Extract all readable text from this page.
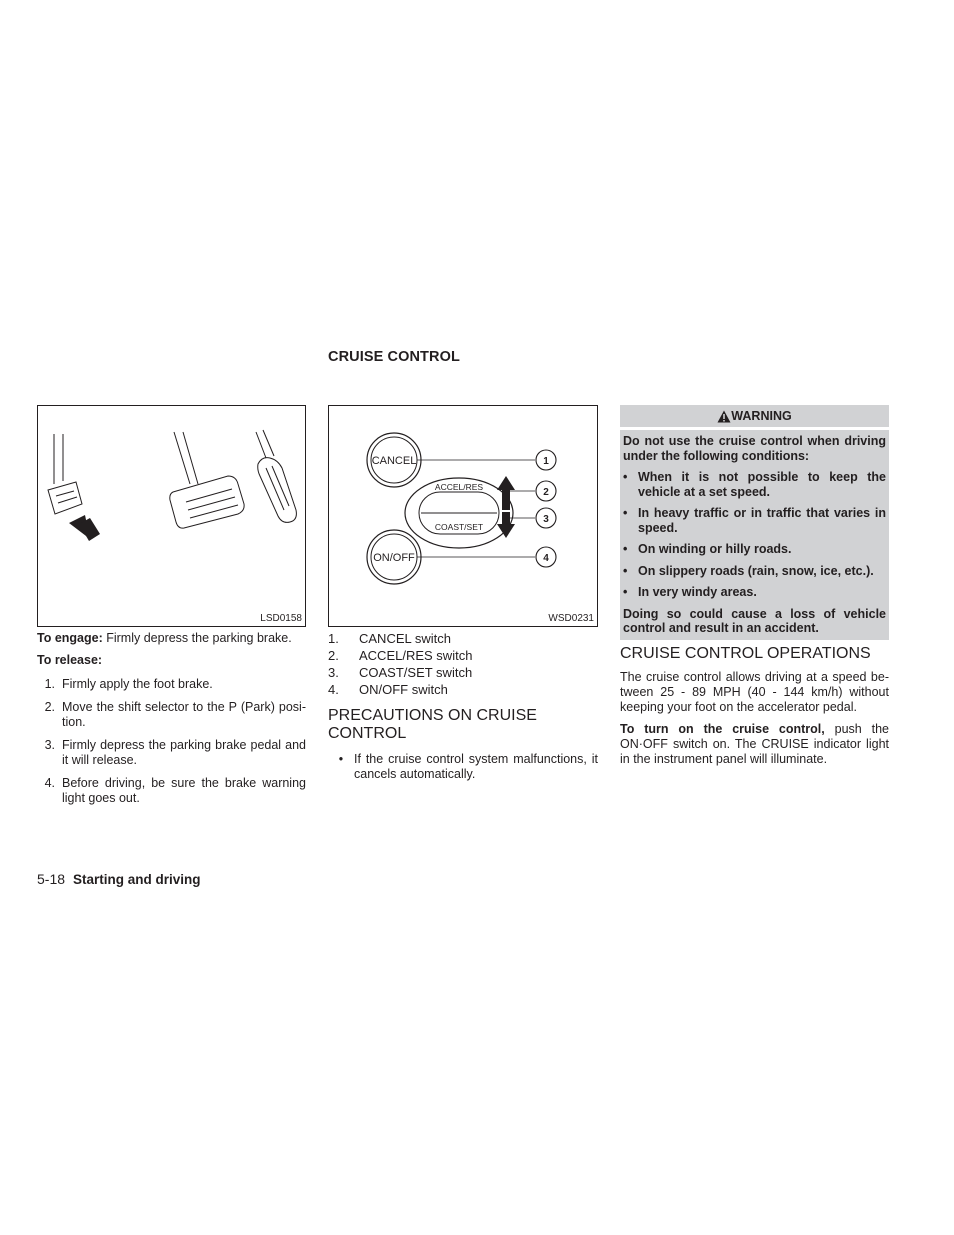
CRUISE CONTROL
LSD0158
CANCEL
ACCEL/RES
COAST/SET
ON/OFF
1
2
3
4
WSD0231
WARNING

Do not use the cruise control when driving under the following conditions:

• When it is not possible to keep the vehicle at a set speed.
• In heavy traffic or in traffic that varies in speed.
• On winding or hilly roads.
• On slippery roads (rain, snow, ice, etc.).
• In very windy areas.

Doing so could cause a loss of vehicle control and result in an accident.

To engage: Firmly depress the parking brake.

To release:

1. Firmly apply the foot brake.
2. Move the shift selector to the P (Park) posi-tion.
3. Firmly depress the parking brake pedal and it will release.
4. Before driving, be sure the brake warning light goes out.
1.	CANCEL switch
2.	ACCEL/RES switch
3.	COAST/SET switch
4.	ON/OFF switch
PRECAUTIONS ON CRUISE CONTROL
• If the cruise control system malfunctions, it cancels automatically.
CRUISE CONTROL OPERATIONS

The cruise control allows driving at a speed be-tween 25 - 89 MPH (40 - 144 km/h) without keeping your foot on the accelerator pedal.

To turn on the cruise control, push the ON·OFF switch on. The CRUISE indicator light in the instrument panel will illuminate.

5-18 Starting and driving
